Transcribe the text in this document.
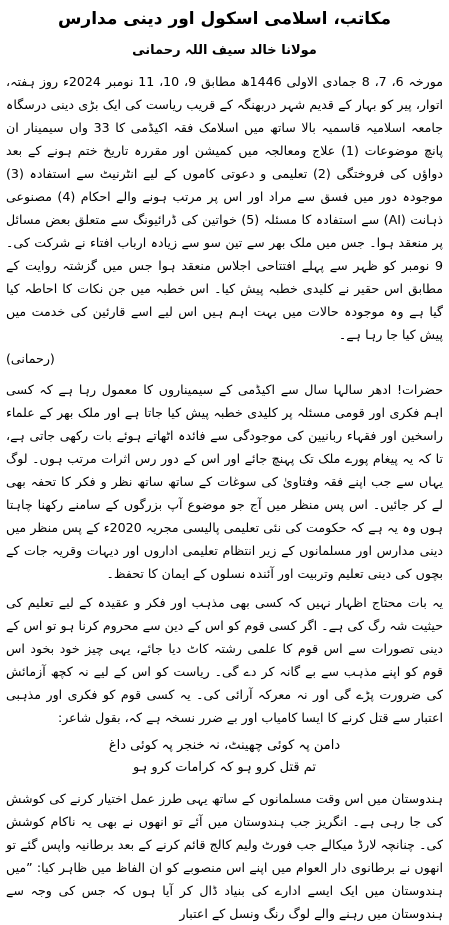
مکاتب، اسلامی اسکول اور دینی مدارس
مولانا خالد سیف اللہ رحمانی

مورخہ 6، 7، 8 جمادی الاولی 1446ھ مطابق 9، 10، 11 نومبر 2024ء روز ہفتہ، اتوار، پیر کو بہار کے قدیم شہر دربھنگہ کے قریب ریاست کی ایک بڑی دینی درسگاہ جامعہ اسلامیہ قاسمیہ بالا ساتھ میں اسلامک فقہ اکیڈمی کا 33 واں سیمینار ان پانچ موضوعات (1) علاج ومعالجہ میں کمیشن اور مقررہ تاریخ ختم ہونے کے بعد دواؤں کی فروختگی (2) تعلیمی و دعوتی کاموں کے لیے انٹرنیٹ سے استفادہ (3) موجودہ دور میں فسق سے مراد اور اس پر مرتب ہونے والے احکام (4) مصنوعی ذہانت (AI) سے استفادہ کا مسئلہ (5) خواتین کی ڈرائیونگ سے متعلق بعض مسائل پر منعقد ہوا۔ جس میں ملک بھر سے تین سو سے زیادہ ارباب افتاء نے شرکت کی۔ 9 نومبر کو ظہر سے پہلے افتتاحی اجلاس منعقد ہوا جس میں گزشتہ روایت کے مطابق اس حقیر نے کلیدی خطبہ پیش کیا۔ اس خطبہ میں جن نکات کا احاطہ کیا گیا ہے وہ موجودہ حالات میں بہت اہم ہیں اس لیے اسے قارئین کی خدمت میں پیش کیا جا رہا ہے۔

(رحمانی)

حضرات! ادھر سالہا سال سے اکیڈمی کے سیمیناروں کا معمول رہا ہے کہ کسی اہم فکری اور قومی مسئلہ پر کلیدی خطبہ پیش کیا جاتا ہے اور ملک بھر کے علماء راسخین اور فقہاء ربانیین کی موجودگی سے فائدہ اٹھاتے ہوئے بات رکھی جاتی ہے، تا کہ یہ پیغام پورے ملک تک پہنچ جائے اور اس کے دور رس اثرات مرتب ہوں۔ لوگ یہاں سے جب اپنے فقہ وفتاویٰ کی سوغات کے ساتھ ساتھ نظر و فکر کا تحفہ بھی لے کر جائیں۔ اس پس منظر میں آج جو موضوع آپ بزرگوں کے سامنے رکھنا چاہتا ہوں وہ یہ ہے کہ حکومت کی نئی تعلیمی پالیسی مجریہ 2020ء کے پس منظر میں دینی مدارس اور مسلمانوں کے زیر انتظام تعلیمی اداروں اور دیہات وقریہ جات کے بچوں کی دینی تعلیم وتربیت اور آئندہ نسلوں کے ایمان کا تحفظ۔

یہ بات محتاج اظہار نہیں کہ کسی بھی مذہب اور فکر و عقیدہ کے لیے تعلیم کی حیثیت شہ رگ کی ہے۔ اگر کسی قوم کو اس کے دین سے محروم کرنا ہو تو اس کے دینی تصورات سے اس قوم کا علمی رشتہ کاٹ دیا جائے، یہی چیز خود بخود اس قوم کو اپنے مذہب سے بے گانہ کر دے گی۔ ریاست کو اس کے لیے نہ کچھ آزمائش کی ضرورت پڑے گی اور نہ معرکہ آرائی کی۔ یہ کسی قوم کو فکری اور مذہبی اعتبار سے قتل کرنے کا ایسا کامیاب اور بے ضرر نسخہ ہے کہ، بقول شاعر:

دامن پہ کوئی چھینٹ، نہ خنجر پہ کوئی داغ
تم قتل کرو ہو کہ کرامات کرو ہو

ہندوستان میں اس وقت مسلمانوں کے ساتھ یہی طرز عمل اختیار کرنے کی کوشش کی جا رہی ہے۔ انگریز جب ہندوستان میں آئے تو انھوں نے بھی یہ ناکام کوشش کی۔ چنانچہ لارڈ میکالے جب فورٹ ولیم کالج قائم کرنے کے بعد برطانیہ واپس گئے تو انھوں نے برطانوی دار العوام میں اپنے اس منصوبے کو ان الفاظ میں ظاہر کیا: ”میں ہندوستان میں ایک ایسے ادارے کی بنیاد ڈال کر آیا ہوں کہ جس کی وجہ سے ہندوستان میں رہنے والے لوگ رنگ ونسل کے اعتبار
